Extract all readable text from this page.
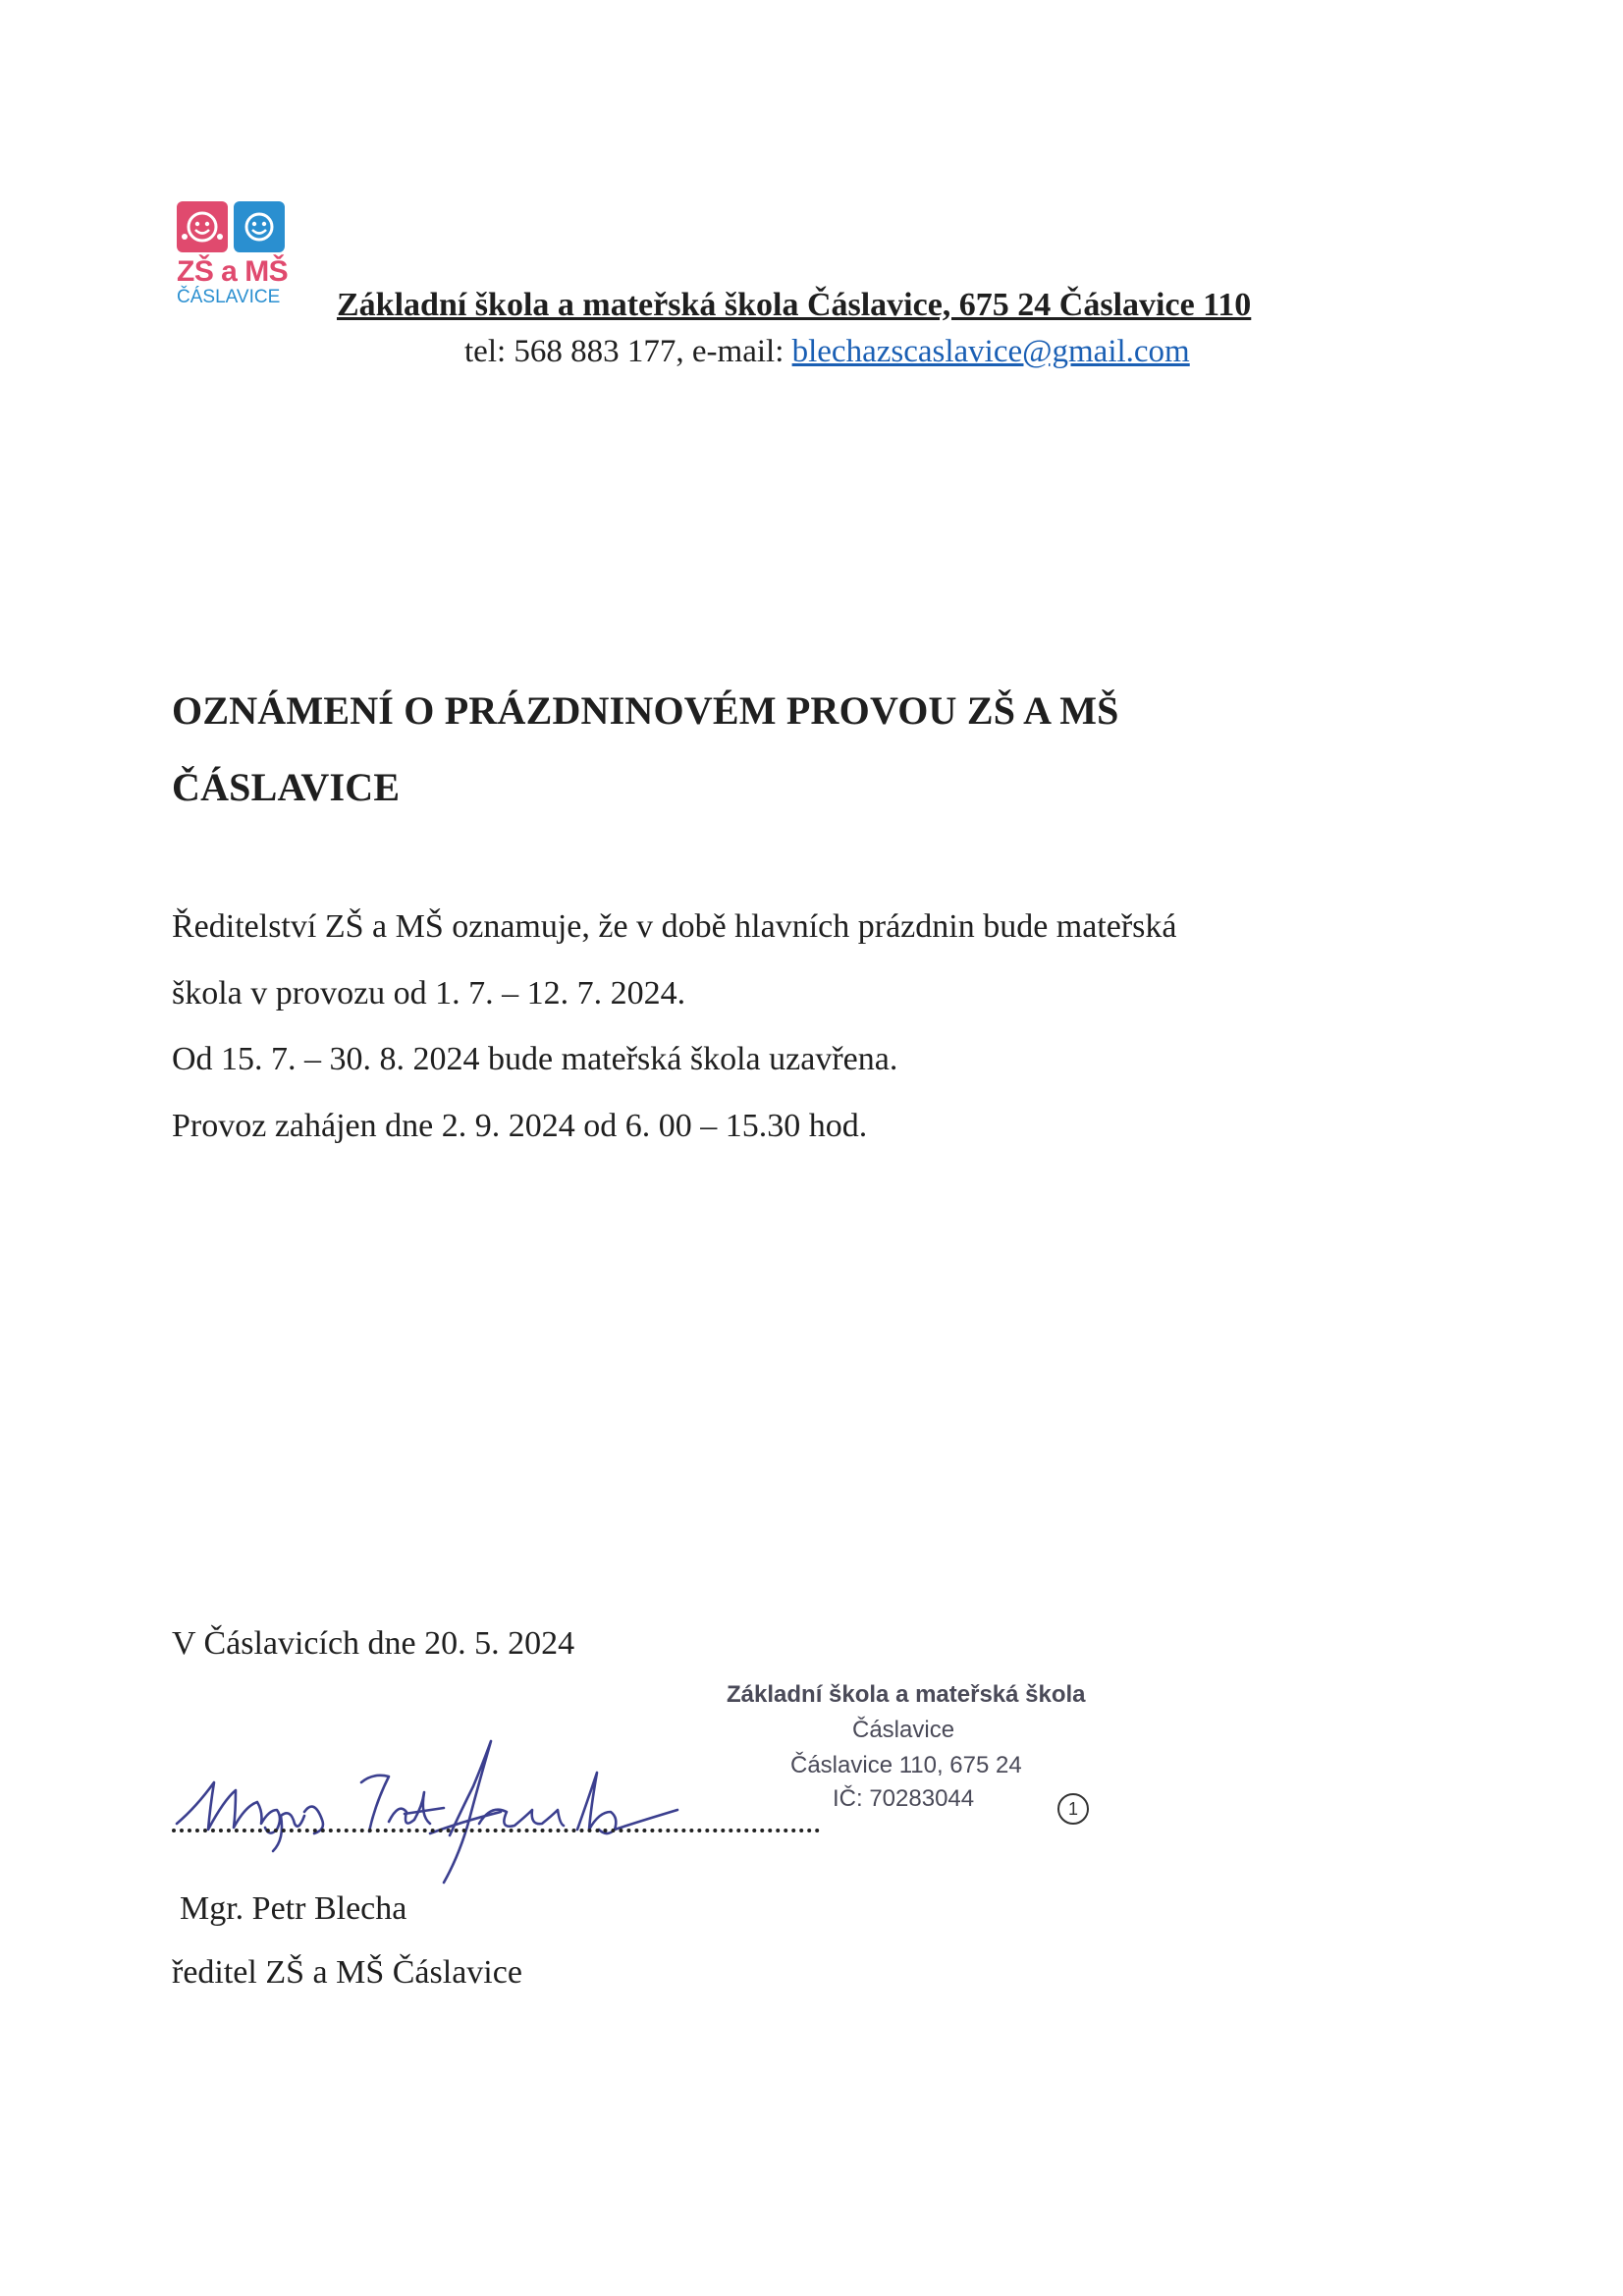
ZŠ a MŠ
ČÁSLAVICE	Základní škola a mateřská škola Čáslavice, 675 24 Čáslavice 110
tel: 568 883 177, e-mail: blechazscaslavice@gmail.com
OZNÁMENÍ O PRÁZDNINOVÉM PROVOU ZŠ A MŠ
ČÁSLAVICE
Ředitelství ZŠ a MŠ oznamuje, že v době hlavních prázdnin bude mateřská
škola v provozu od 1. 7. – 12. 7. 2024.
Od 15. 7. – 30. 8. 2024 bude mateřská škola uzavřena.
Provoz zahájen dne 2. 9. 2024 od 6. 00 – 15.30 hod.
V Čáslavicích dne 20. 5. 2024
Základní škola a mateřská škola
Čáslavice
Čáslavice 110, 675 24
IČ: 70283044	1
Mgr. Petr Blecha
ředitel ZŠ a MŠ Čáslavice
